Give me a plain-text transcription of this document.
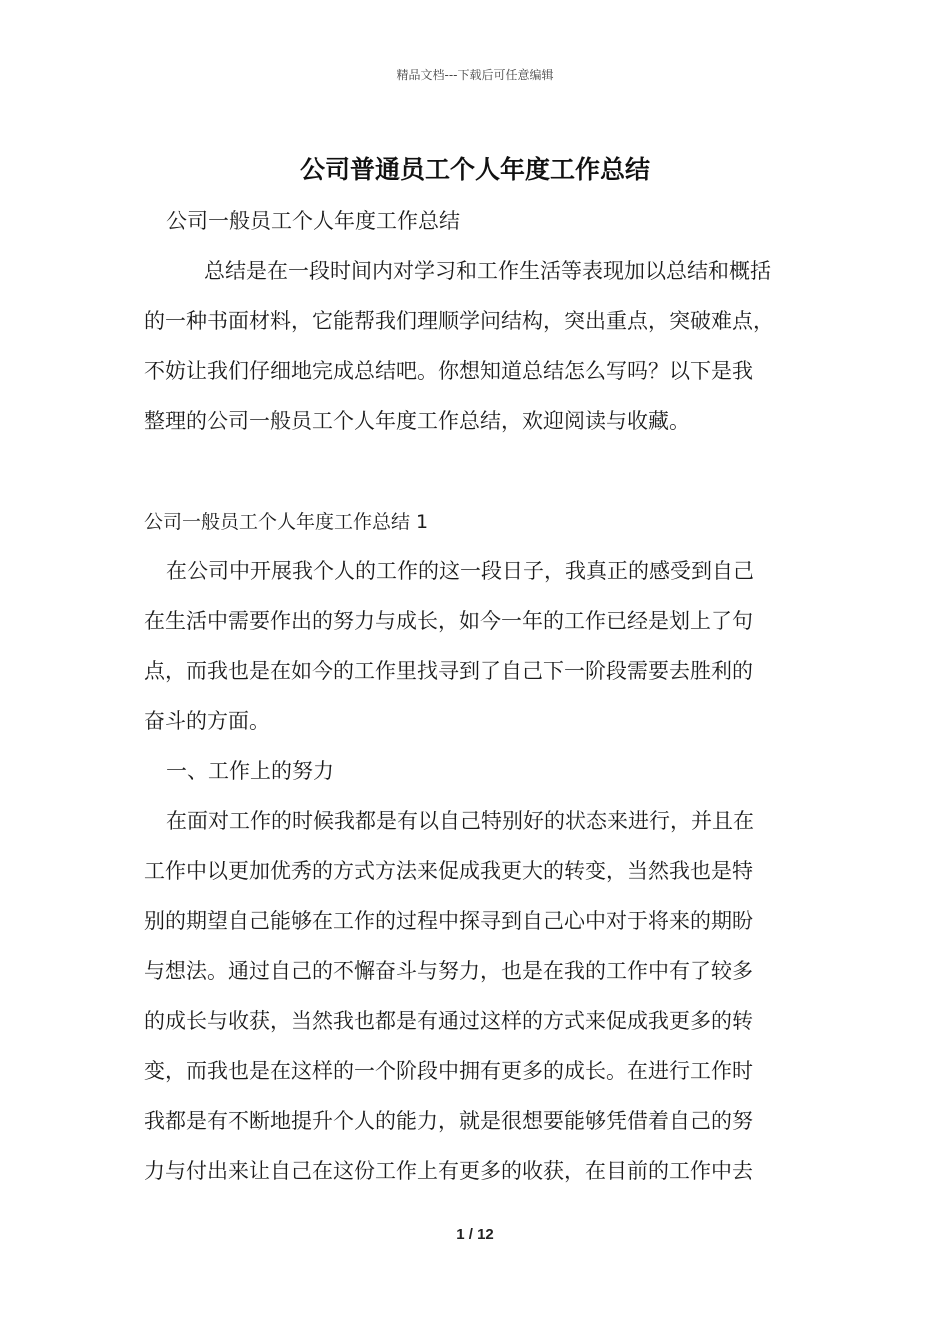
精品文档---下载后可任意编辑
公司普通员工个人年度工作总结
公司一般员工个人年度工作总结
总结是在一段时间内对学习和工作生活等表现加以总结和概括
的一种书面材料，它能帮我们理顺学问结构，突出重点，突破难点，
不妨让我们仔细地完成总结吧。你想知道总结怎么写吗？以下是我
整理的公司一般员工个人年度工作总结，欢迎阅读与收藏。
公司一般员工个人年度工作总结 1
在公司中开展我个人的工作的这一段日子，我真正的感受到自己
在生活中需要作出的努力与成长，如今一年的工作已经是划上了句
点，而我也是在如今的工作里找寻到了自己下一阶段需要去胜利的
奋斗的方面。
一、工作上的努力
在面对工作的时候我都是有以自己特别好的状态来进行，并且在
工作中以更加优秀的方式方法来促成我更大的转变，当然我也是特
别的期望自己能够在工作的过程中探寻到自己心中对于将来的期盼
与想法。通过自己的不懈奋斗与努力，也是在我的工作中有了较多
的成长与收获，当然我也都是有通过这样的方式来促成我更多的转
变，而我也是在这样的一个阶段中拥有更多的成长。在进行工作时
我都是有不断地提升个人的能力，就是很想要能够凭借着自己的努
力与付出来让自己在这份工作上有更多的收获，在目前的工作中去
1 / 12
